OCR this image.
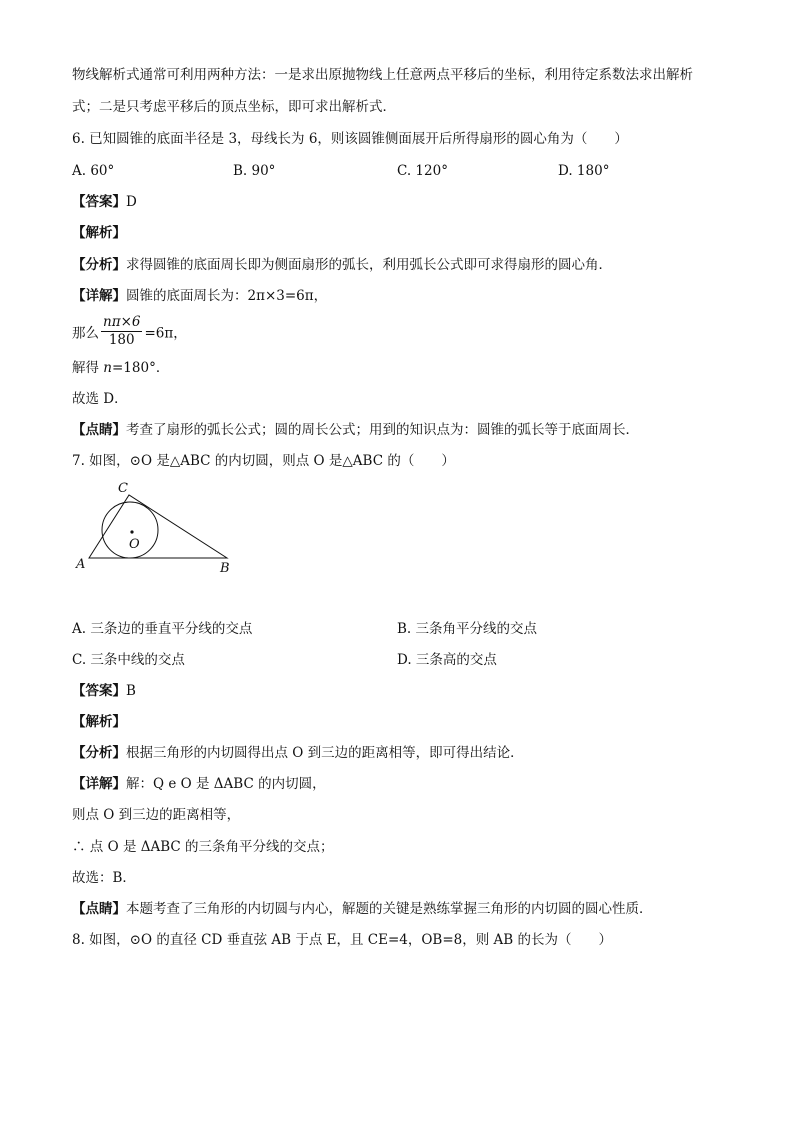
物线解析式通常可利用两种方法：一是求出原抛物线上任意两点平移后的坐标，利用待定系数法求出解析
式；二是只考虑平移后的顶点坐标，即可求出解析式．
6. 已知圆锥的底面半径是 3，母线长为 6，则该圆锥侧面展开后所得扇形的圆心角为（　　）
A. 60°	B. 90°	C. 120°	D. 180°
【答案】D
【解析】
【分析】求得圆锥的底面周长即为侧面扇形的弧长，利用弧长公式即可求得扇形的圆心角．
【详解】圆锥的底面周长为：2π×3=6π，
那么 $\frac{n\pi\times 6}{180} =6\pi$，
解得 n=180°．
故选 D．
【点睛】考查了扇形的弧长公式；圆的周长公式；用到的知识点为：圆锥的弧长等于底面周长．
7. 如图，⊙O 是△ABC 的内切圆，则点 O 是△ABC 的（　　）
C
O
A	B
A. 三条边的垂直平分线的交点	B. 三条角平分线的交点
C. 三条中线的交点	D. 三条高的交点
【答案】B
【解析】
【分析】根据三角形的内切圆得出点 O 到三边的距离相等，即可得出结论．
【详解】解：Q e O 是 ΔABC 的内切圆，
则点 O 到三边的距离相等，
∴ 点 O 是 ΔABC 的三条角平分线的交点；
故选：B．
【点睛】本题考查了三角形的内切圆与内心，解题的关键是熟练掌握三角形的内切圆的圆心性质．
8. 如图，⊙O 的直径 CD 垂直弦 AB 于点 E，且 CE=4，OB=8，则 AB 的长为（　　）
